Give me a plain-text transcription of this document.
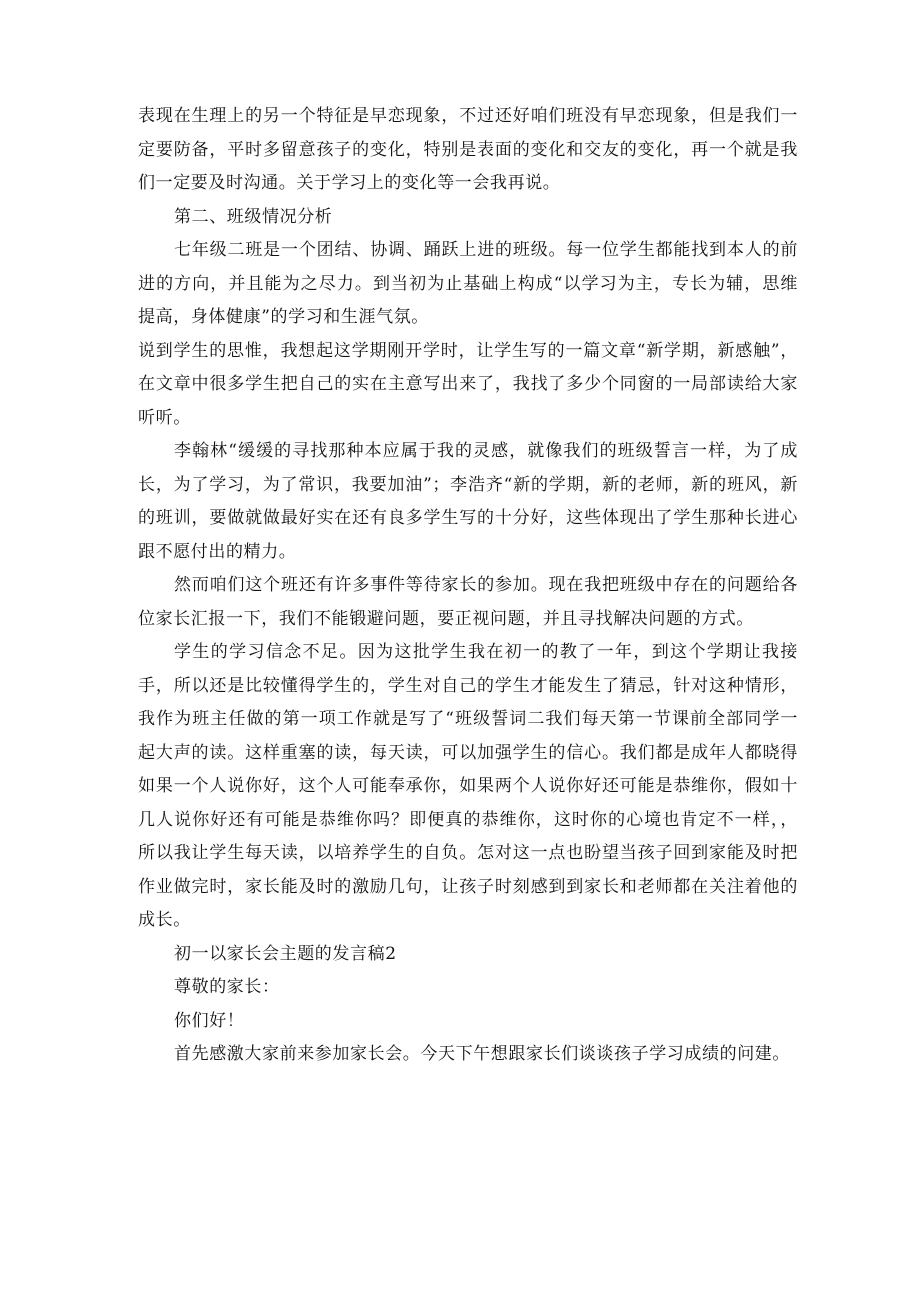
表现在生理上的另一个特征是早恋现象，不过还好咱们班没有早恋现象，但是我们一定要防备，平时多留意孩子的变化，特别是表面的变化和交友的变化，再一个就是我们一定要及时沟通。关于学习上的变化等一会我再说。

第二、班级情况分析

七年级二班是一个团结、协调、踊跃上进的班级。每一位学生都能找到本人的前进的方向，并且能为之尽力。到当初为止基础上构成“以学习为主，专长为辅，思维提高，身体健康”的学习和生涯气氛。

说到学生的思惟，我想起这学期刚开学时，让学生写的一篇文章“新学期，新感触”，在文章中很多学生把自己的实在主意写出来了，我找了多少个同窗的一局部读给大家听听。

李翰林“缓缓的寻找那种本应属于我的灵感，就像我们的班级誓言一样，为了成长，为了学习，为了常识，我要加油”；李浩齐“新的学期，新的老师，新的班风，新的班训，要做就做最好实在还有良多学生写的十分好，这些体现出了学生那种长进心跟不愿付出的精力。

然而咱们这个班还有许多事件等待家长的参加。现在我把班级中存在的问题给各位家长汇报一下，我们不能锻避问题，要正视问题，并且寻找解决问题的方式。

学生的学习信念不足。因为这批学生我在初一的教了一年，到这个学期让我接手，所以还是比较懂得学生的，学生对自己的学生才能发生了猜忌，针对这种情形，我作为班主任做的第一项工作就是写了“班级誓词二我们每天第一节课前全部同学一起大声的读。这样重塞的读，每天读，可以加强学生的信心。我们都是成年人都晓得如果一个人说你好，这个人可能奉承你，如果两个人说你好还可能是恭维你，假如十几人说你好还有可能是恭维你吗？即便真的恭维你，这时你的心境也肯定不一样，，所以我让学生每天读，以培养学生的自负。怎对这一点也盼望当孩子回到家能及时把作业做完时，家长能及时的激励几句，让孩子时刻感到到家长和老师都在关注着他的成长。

初一以家长会主题的发言稿2

尊敬的家长：

你们好！

首先感激大家前来参加家长会。今天下午想跟家长们谈谈孩子学习成绩的问建。
